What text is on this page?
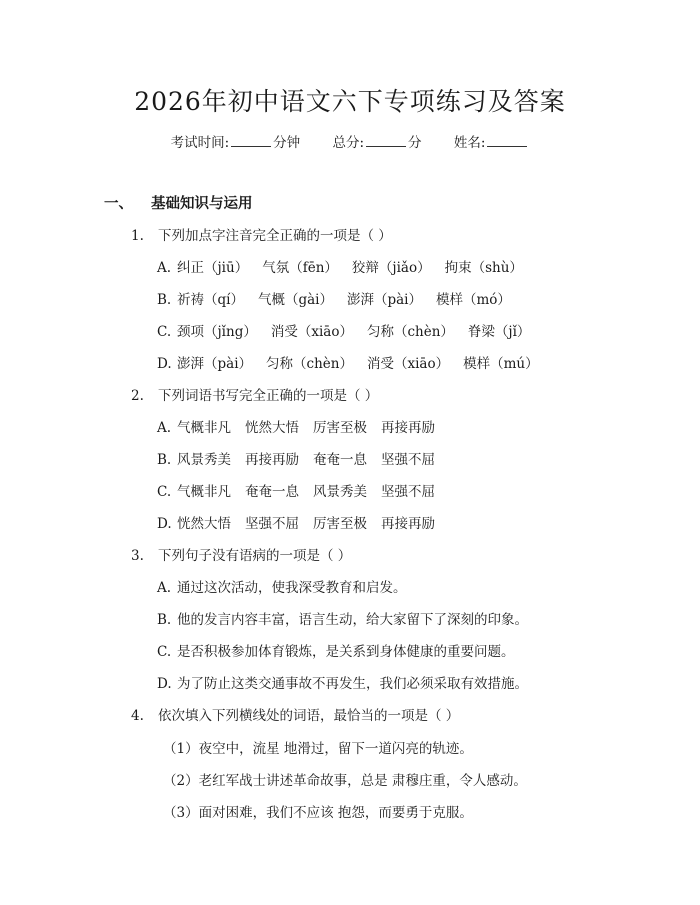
2026年初中语文六下专项练习及答案
考试时间:	分钟 总分:	分 姓名:
一、 基础知识与运用
1. 下列加点字注音完全正确的一项是（ ）
A. 纠正（jiū） 气氛（fēn） 狡辩（jiǎo） 拘束（shù）
B. 祈祷（qí） 气概（gài） 澎湃（pài） 模样（mó）
C. 颈项（jǐng） 消受（xiāo） 匀称（chèn） 脊梁（jǐ）
D. 澎湃（pài） 匀称（chèn） 消受（xiāo） 模样（mú）
2. 下列词语书写完全正确的一项是（ ）
A. 气概非凡 恍然大悟 厉害至极 再接再励
B. 风景秀美 再接再励 奄奄一息 坚强不屈
C. 气概非凡 奄奄一息 风景秀美 坚强不屈
D. 恍然大悟 坚强不屈 厉害至极 再接再励
3. 下列句子没有语病的一项是（ ）
A. 通过这次活动，使我深受教育和启发。
B. 他的发言内容丰富，语言生动，给大家留下了深刻的印象。
C. 是否积极参加体育锻炼，是关系到身体健康的重要问题。
D. 为了防止这类交通事故不再发生，我们必须采取有效措施。
4. 依次填入下列横线处的词语，最恰当的一项是（ ）
（1）夜空中，流星 地滑过，留下一道闪亮的轨迹。
（2）老红军战士讲述革命故事，总是 肃穆庄重，令人感动。
（3）面对困难，我们不应该 抱怨，而要勇于克服。
